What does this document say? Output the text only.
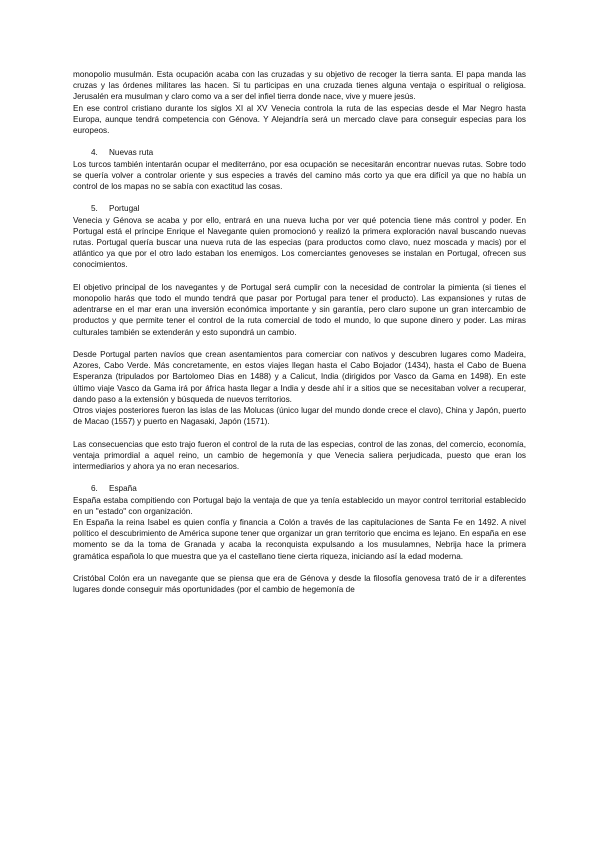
monopolio musulmán. Esta ocupación acaba con las cruzadas y su objetivo de recoger la tierra santa. El papa manda las cruzas y las órdenes militares las hacen. Si tu participas en una cruzada tienes alguna ventaja o espiritual o religiosa. Jerusalén era musulman y claro como va a ser del infiel tierra donde nace, vive y muere jesús.

En ese control cristiano durante los siglos XI al XV Venecia controla la ruta de las especias desde el Mar Negro hasta Europa, aunque tendrá competencia con Génova. Y Alejandría será un mercado clave para conseguir especias para los europeos.

4. Nuevas ruta

Los turcos también intentarán ocupar el mediterráno, por esa ocupación se necesitarán encontrar nuevas rutas. Sobre todo se quería volver a controlar oriente y sus especies a través del camino más corto ya que era difícil ya que no había un control de los mapas no se sabía con exactitud las cosas.

5. Portugal

Venecia y Génova se acaba y por ello, entrará en una nueva lucha por ver qué potencia tiene más control y poder. En Portugal está el príncipe Enrique el Navegante quien promocionó y realizó la primera exploración naval buscando nuevas rutas. Portugal quería buscar una nueva ruta de las especias (para productos como clavo, nuez moscada y macis) por el atlántico ya que por el otro lado estaban los enemigos. Los comerciantes genoveses se instalan en Portugal, ofrecen sus conocimientos.

El objetivo principal de los navegantes y de Portugal será cumplir con la necesidad de controlar la pimienta (si tienes el monopolio harás que todo el mundo tendrá que pasar por Portugal para tener el producto). Las expansiones y rutas de adentrarse en el mar eran una inversión económica importante y sin garantía, pero claro supone un gran intercambio de productos y que permite tener el control de la ruta comercial de todo el mundo, lo que supone dinero y poder. Las miras culturales también se extenderán y esto supondrá un cambio.

Desde Portugal parten navíos que crean asentamientos para comerciar con nativos y descubren lugares como Madeira, Azores, Cabo Verde. Más concretamente, en estos viajes llegan hasta el Cabo Bojador (1434), hasta el Cabo de Buena Esperanza (tripulados por Bartolomeo Dias en 1488) y a Calicut, India (dirigidos por Vasco da Gama en 1498). En este último viaje Vasco da Gama irá por áfrica hasta llegar a India y desde ahí ir a sitios que se necesitaban volver a recuperar, dando paso a la extensión y búsqueda de nuevos territorios.

Otros viajes posteriores fueron las islas de las Molucas (único lugar del mundo donde crece el clavo), China y Japón, puerto de Macao (1557) y puerto en Nagasaki, Japón (1571).

Las consecuencias que esto trajo fueron el control de la ruta de las especias, control de las zonas, del comercio, economía, ventaja primordial a aquel reino, un cambio de hegemonía y que Venecia saliera perjudicada, puesto que eran los intermediarios y ahora ya no eran necesarios.

6. España

España estaba compitiendo con Portugal bajo la ventaja de que ya tenía establecido un mayor control territorial establecido en un "estado" con organización.

En España la reina Isabel es quien confía y financia a Colón a través de las capitulaciones de Santa Fe en 1492. A nivel político el descubrimiento de América supone tener que organizar un gran territorio que encima es lejano. En españa en ese momento se da la toma de Granada y acaba la reconquista expulsando a los musulamnes, Nebrija hace la primera gramática española lo que muestra que ya el castellano tiene cierta riqueza, iniciando así la edad moderna.

Cristóbal Colón era un navegante que se piensa que era de Génova y desde la filosofía genovesa trató de ir a diferentes lugares donde conseguir más oportunidades (por el cambio de hegemonía de
